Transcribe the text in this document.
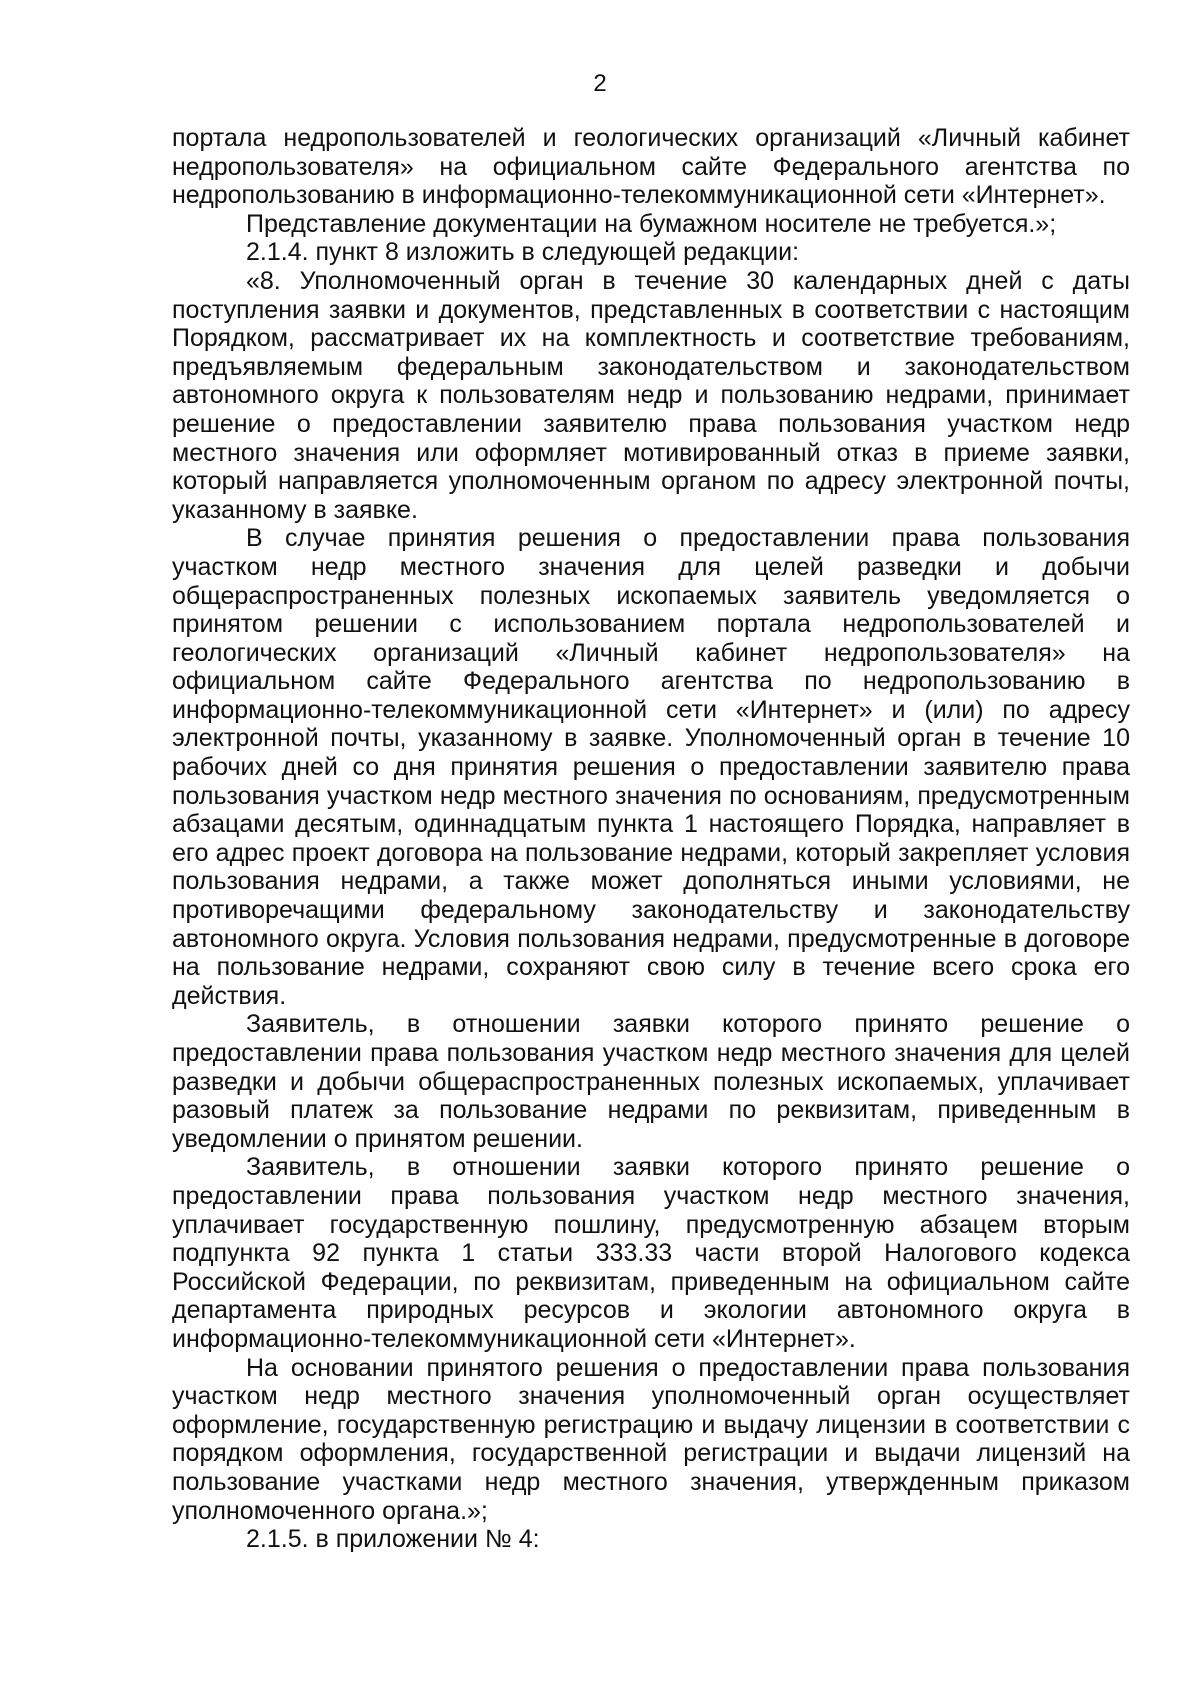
2

портала недропользователей и геологических организаций «Личный кабинет недропользователя» на официальном сайте Федерального агентства по недропользованию в информационно-телекоммуникационной сети «Интернет».

Представление документации на бумажном носителе не требуется.»;

2.1.4. пункт 8 изложить в следующей редакции:

«8. Уполномоченный орган в течение 30 календарных дней с даты поступления заявки и документов, представленных в соответствии с настоящим Порядком, рассматривает их на комплектность и соответствие требованиям, предъявляемым федеральным законодательством и законодательством автономного округа к пользователям недр и пользованию недрами, принимает решение о предоставлении заявителю права пользования участком недр местного значения или оформляет мотивированный отказ в приеме заявки, который направляется уполномоченным органом по адресу электронной почты, указанному в заявке.

В случае принятия решения о предоставлении права пользования участком недр местного значения для целей разведки и добычи общераспространенных полезных ископаемых заявитель уведомляется о принятом решении с использованием портала недропользователей и геологических организаций «Личный кабинет недропользователя» на официальном сайте Федерального агентства по недропользованию в информационно-телекоммуникационной сети «Интернет» и (или) по адресу электронной почты, указанному в заявке. Уполномоченный орган в течение 10 рабочих дней со дня принятия решения о предоставлении заявителю права пользования участком недр местного значения по основаниям, предусмотренным абзацами десятым, одиннадцатым пункта 1 настоящего Порядка, направляет в его адрес проект договора на пользование недрами, который закрепляет условия пользования недрами, а также может дополняться иными условиями, не противоречащими федеральному законодательству и законодательству автономного округа. Условия пользования недрами, предусмотренные в договоре на пользование недрами, сохраняют свою силу в течение всего срока его действия.

Заявитель, в отношении заявки которого принято решение о предоставлении права пользования участком недр местного значения для целей разведки и добычи общераспространенных полезных ископаемых, уплачивает разовый платеж за пользование недрами по реквизитам, приведенным в уведомлении о принятом решении.

Заявитель, в отношении заявки которого принято решение о предоставлении права пользования участком недр местного значения, уплачивает государственную пошлину, предусмотренную абзацем вторым подпункта 92 пункта 1 статьи 333.33 части второй Налогового кодекса Российской Федерации, по реквизитам, приведенным на официальном сайте департамента природных ресурсов и экологии автономного округа в информационно-телекоммуникационной сети «Интернет».

На основании принятого решения о предоставлении права пользования участком недр местного значения уполномоченный орган осуществляет оформление, государственную регистрацию и выдачу лицензии в соответствии с порядком оформления, государственной регистрации и выдачи лицензий на пользование участками недр местного значения, утвержденным приказом уполномоченного органа.»;

2.1.5. в приложении № 4:
